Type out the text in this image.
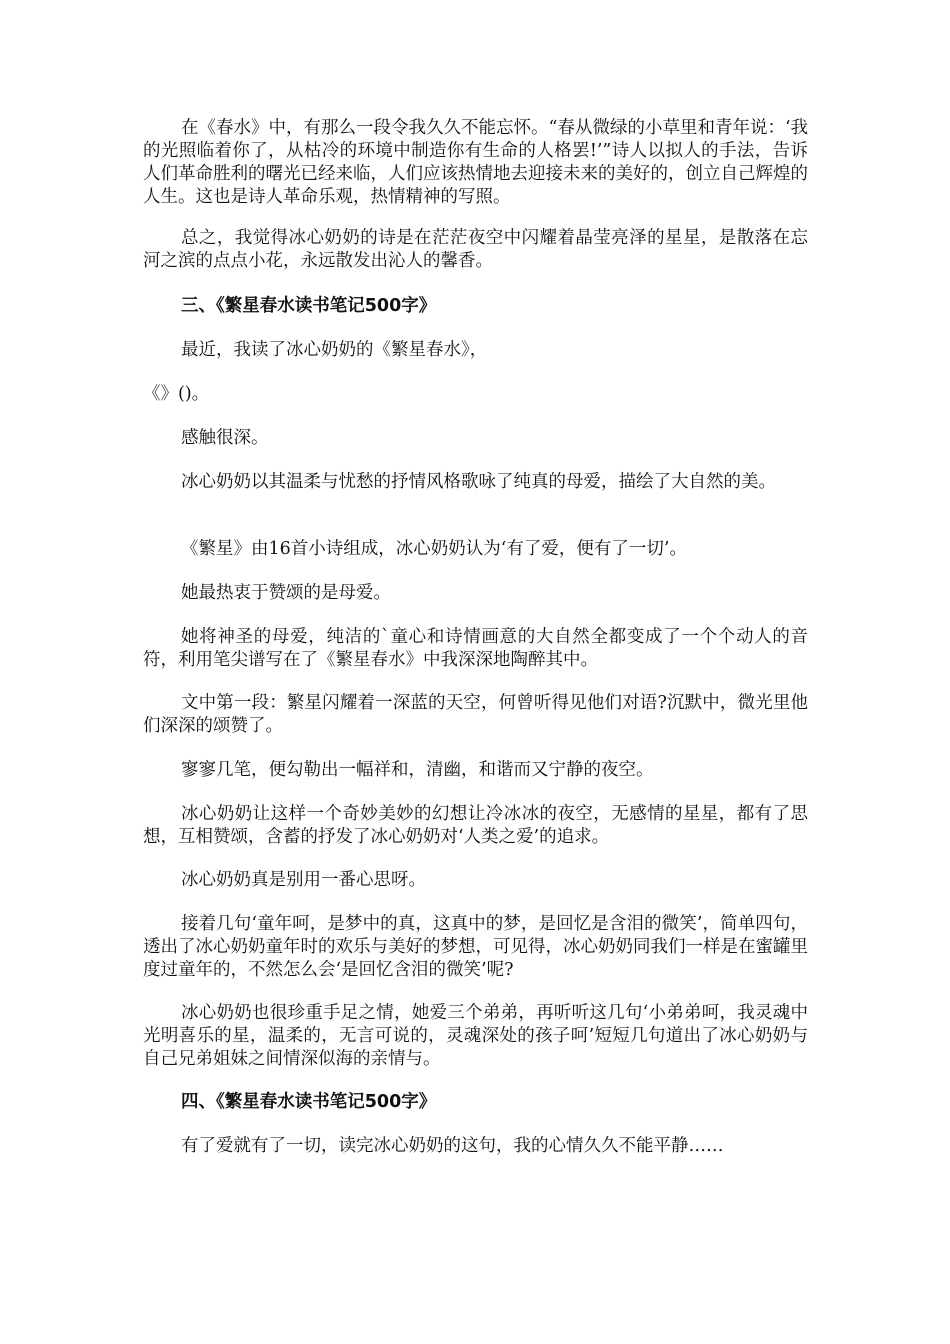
在《春水》中，有那么一段令我久久不能忘怀。“春从微绿的小草里和青年说：‘我的光照临着你了，从枯冷的环境中制造你有生命的人格罢!’”诗人以拟人的手法，告诉人们革命胜利的曙光已经来临，人们应该热情地去迎接未来的美好的，创立自己辉煌的人生。这也是诗人革命乐观，热情精神的写照。

总之，我觉得冰心奶奶的诗是在茫茫夜空中闪耀着晶莹亮泽的星星，是散落在忘河之滨的点点小花，永远散发出沁人的馨香。

三、《繁星春水读书笔记500字》

最近，我读了冰心奶奶的《繁星春水》，

《》()。

感触很深。

冰心奶奶以其温柔与忧愁的抒情风格歌咏了纯真的母爱，描绘了大自然的美。

《繁星》由16首小诗组成，冰心奶奶认为‘有了爱，便有了一切’。

她最热衷于赞颂的是母爱。

她将神圣的母爱，纯洁的`童心和诗情画意的大自然全都变成了一个个动人的音符，利用笔尖谱写在了《繁星春水》中我深深地陶醉其中。

文中第一段：繁星闪耀着一深蓝的天空，何曾听得见他们对语?沉默中，微光里他们深深的颂赞了。

寥寥几笔，便勾勒出一幅祥和，清幽，和谐而又宁静的夜空。

冰心奶奶让这样一个奇妙美妙的幻想让冷冰冰的夜空，无感情的星星，都有了思想，互相赞颂，含蓄的抒发了冰心奶奶对‘人类之爱’的追求。

冰心奶奶真是别用一番心思呀。

接着几句‘童年呵，是梦中的真，这真中的梦，是回忆是含泪的微笑’，简单四句，透出了冰心奶奶童年时的欢乐与美好的梦想，可见得，冰心奶奶同我们一样是在蜜罐里度过童年的，不然怎么会‘是回忆含泪的微笑’呢?

冰心奶奶也很珍重手足之情，她爱三个弟弟，再听听这几句‘小弟弟呵，我灵魂中光明喜乐的星，温柔的，无言可说的，灵魂深处的孩子呵’短短几句道出了冰心奶奶与自己兄弟姐妹之间情深似海的亲情与。

四、《繁星春水读书笔记500字》

有了爱就有了一切，读完冰心奶奶的这句，我的心情久久不能平静……
